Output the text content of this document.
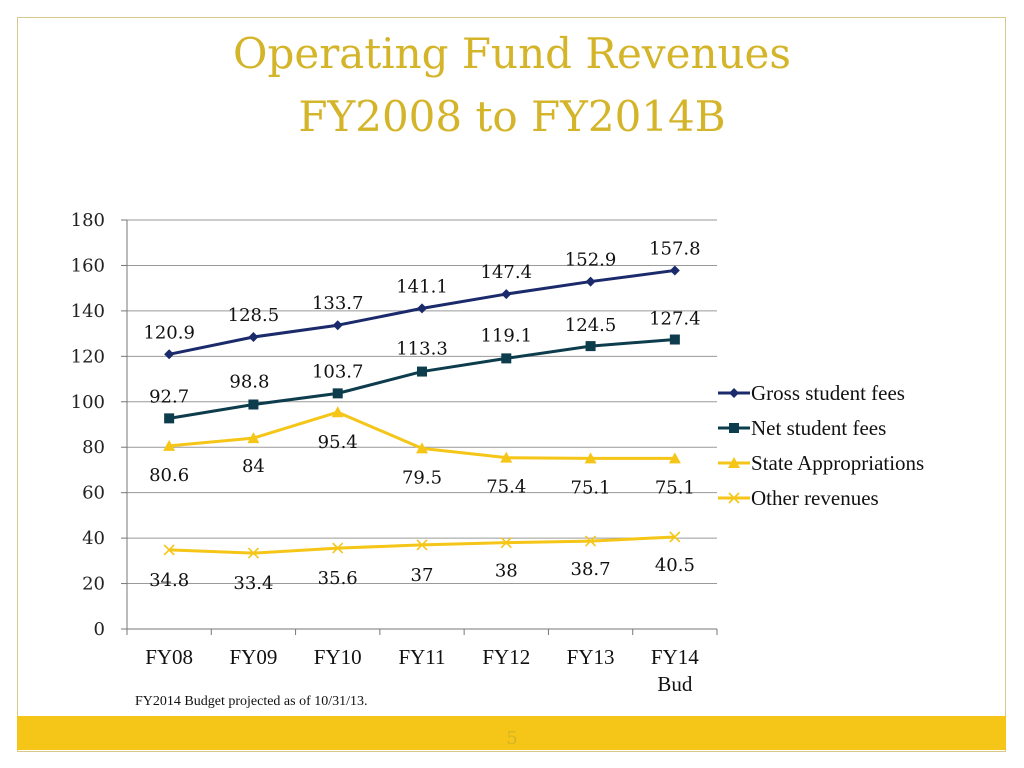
Operating Fund Revenues
FY2008 to FY2014B
0
20
40
60
80
100
120
140
160
180
FY08 FY09 FY10 FY11 FY12 FY13 FY14 Bud
120.9
128.5
133.7
141.1
147.4
152.9
157.8
92.7
98.8 103.7
113.3
119.1 124.5 127.4
80.6	84
95.4
79.5 75.4 75.1 75.1
34.8 33.4 35.6	37	38	38.7 40.5
Gross student fees
Net student fees
State Appropriations
Other revenues
FY2014 Budget projected as of 10/31/13.
5
